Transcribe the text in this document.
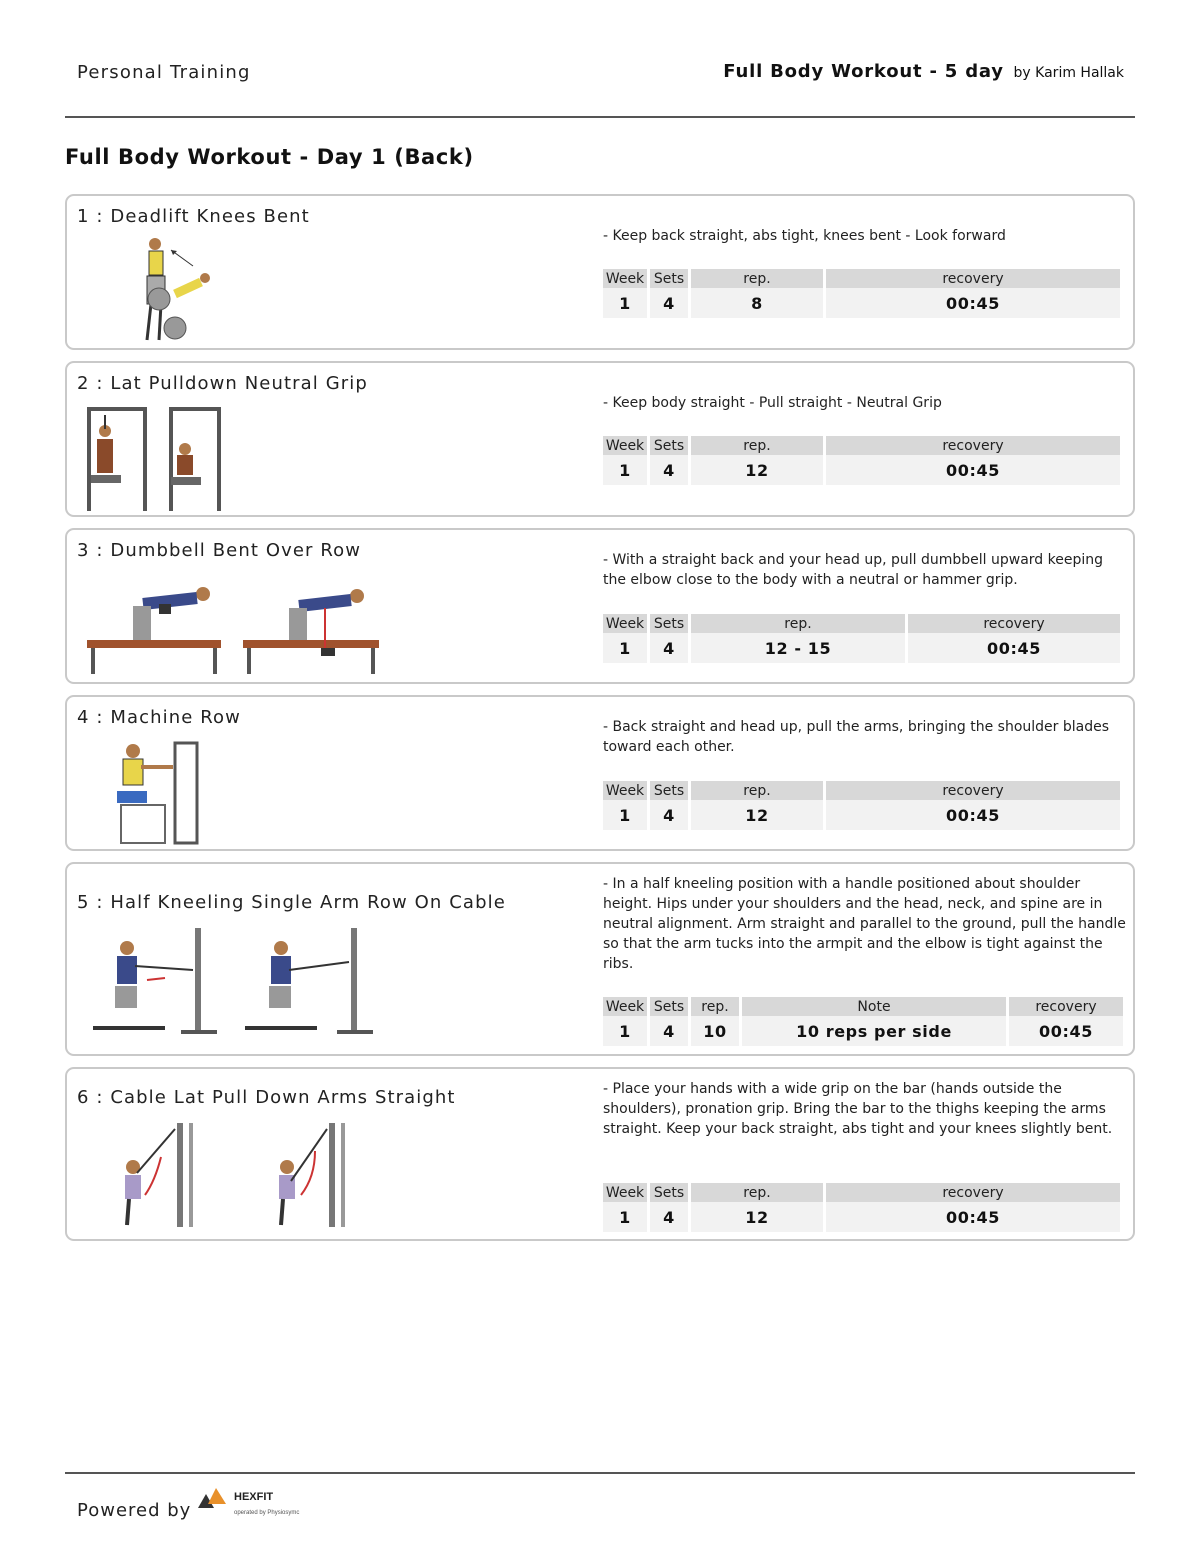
Personal Training	Full Body Workout - 5 day by Karim Hallak
Full Body Workout - Day 1 (Back)
1 : Deadlift Knees Bent
- Keep back straight, abs tight, knees bent - Look forward
Week	Sets	rep.	recovery
1	4	8	00:45
2 : Lat Pulldown Neutral Grip
- Keep body straight - Pull straight - Neutral Grip
Week	Sets	rep.	recovery
1	4	12	00:45
3 : Dumbbell Bent Over Row	- With a straight back and your head up, pull dumbbell upward keeping the elbow close to the body with a neutral or hammer grip.
Week	Sets	rep.	recovery
1	4	12 - 15	00:45
4 : Machine Row	- Back straight and head up, pull the arms, bringing the shoulder blades toward each other.
Week	Sets	rep.	recovery
1	4	12	00:45
5 : Half Kneeling Single Arm Row On Cable
- In a half kneeling position with a handle positioned about shoulder height. Hips under your shoulders and the head, neck, and spine are in neutral alignment. Arm straight and parallel to the ground, pull the handle so that the arm tucks into the armpit and the elbow is tight against the ribs.
Week	Sets	rep.	Note	recovery
1	4	10	10 reps per side	00:45
6 : Cable Lat Pull Down Arms Straight	- Place your hands with a wide grip on the bar (hands outside the shoulders), pronation grip. Bring the bar to the thighs keeping the arms straight. Keep your back straight, abs tight and your knees slightly bent.
Week	Sets	rep.	recovery
1	4	12	00:45
Powered by
HEXFIT
operated by Physiosymc
